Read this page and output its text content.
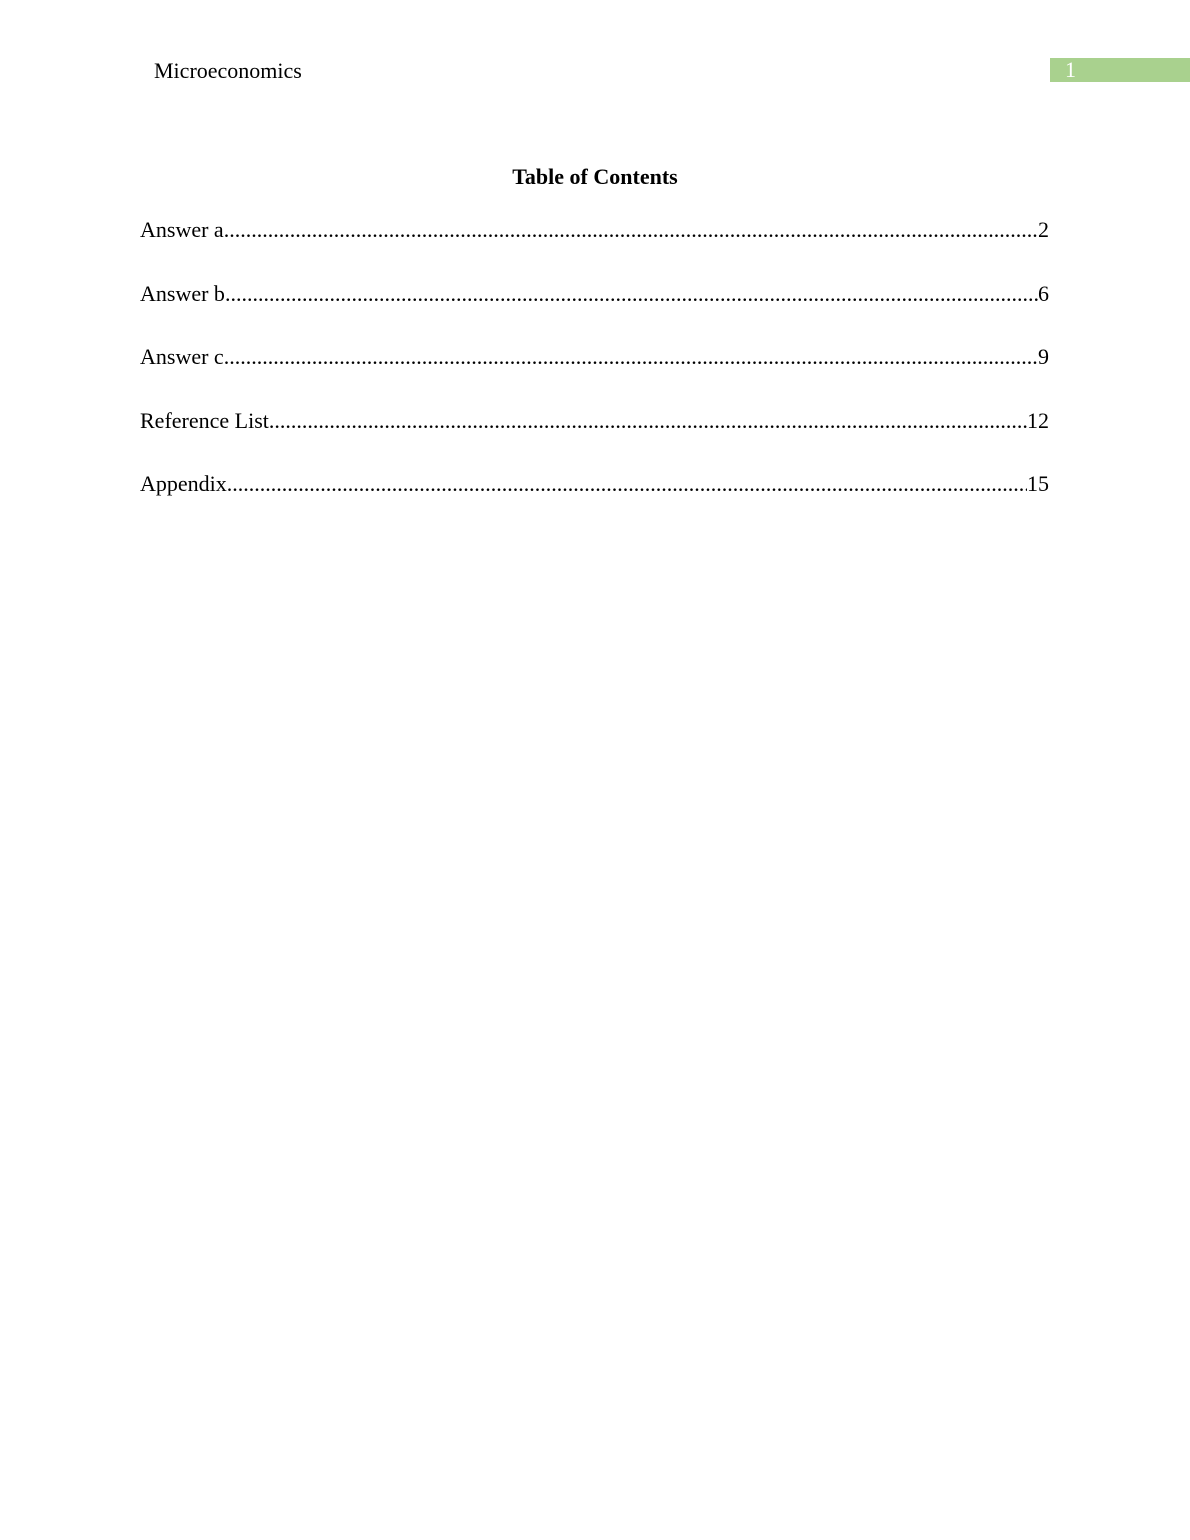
Microeconomics	1
Table of Contents
Answer a .....	2
Answer b .....	6
Answer c .....	9
Reference List .....	12
Appendix .....	15
